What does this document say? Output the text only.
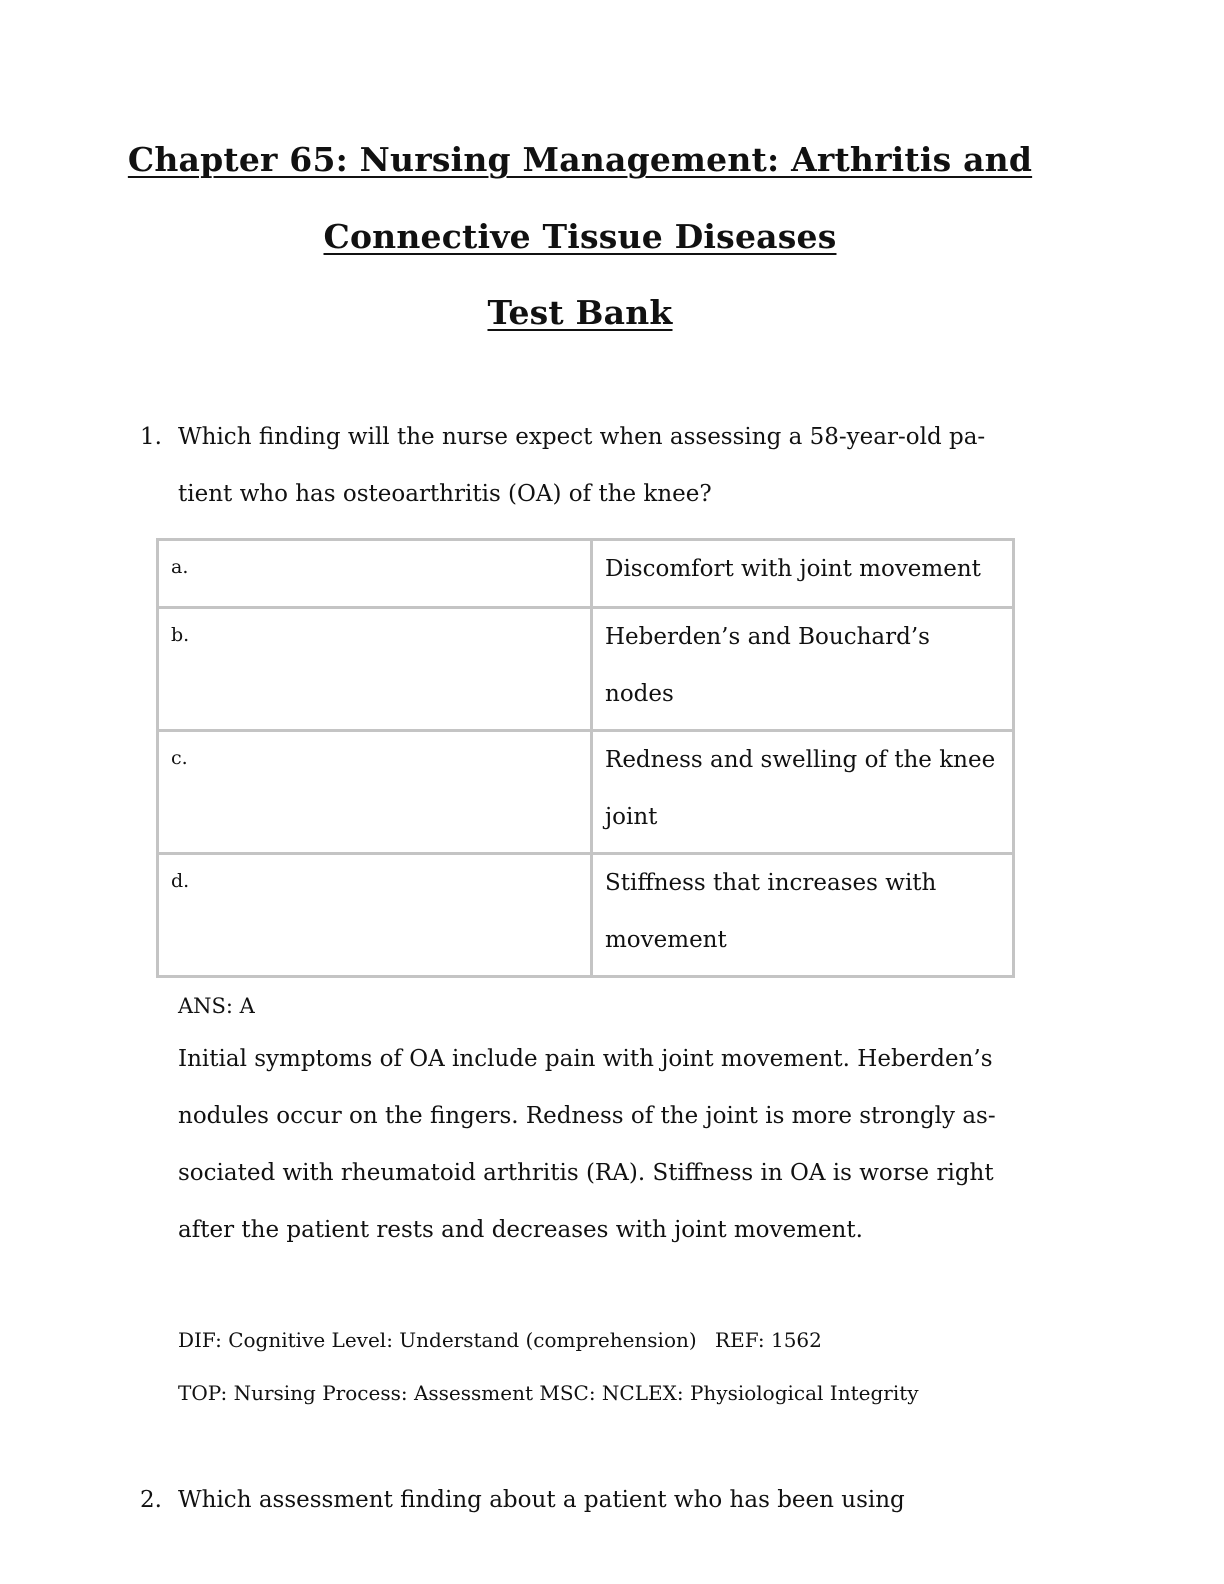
Chapter 65: Nursing Management: Arthritis and
Connective Tissue Diseases
Test Bank
1. Which finding will the nurse expect when assessing a 58-year-old pa-
tient who has osteoarthritis (OA) of the knee?
a.	Discomfort with joint movement
b.	Heberden’s and Bouchard’s nodes
c.	Redness and swelling of the knee joint
d.	Stiffness that increases with movement
ANS: A
Initial symptoms of OA include pain with joint movement. Heberden’s
nodules occur on the fingers. Redness of the joint is more strongly as-
sociated with rheumatoid arthritis (RA). Stiffness in OA is worse right
after the patient rests and decreases with joint movement.
DIF: Cognitive Level: Understand (comprehension) REF: 1562
TOP: Nursing Process: Assessment MSC: NCLEX: Physiological Integrity
2. Which assessment finding about a patient who has been using
